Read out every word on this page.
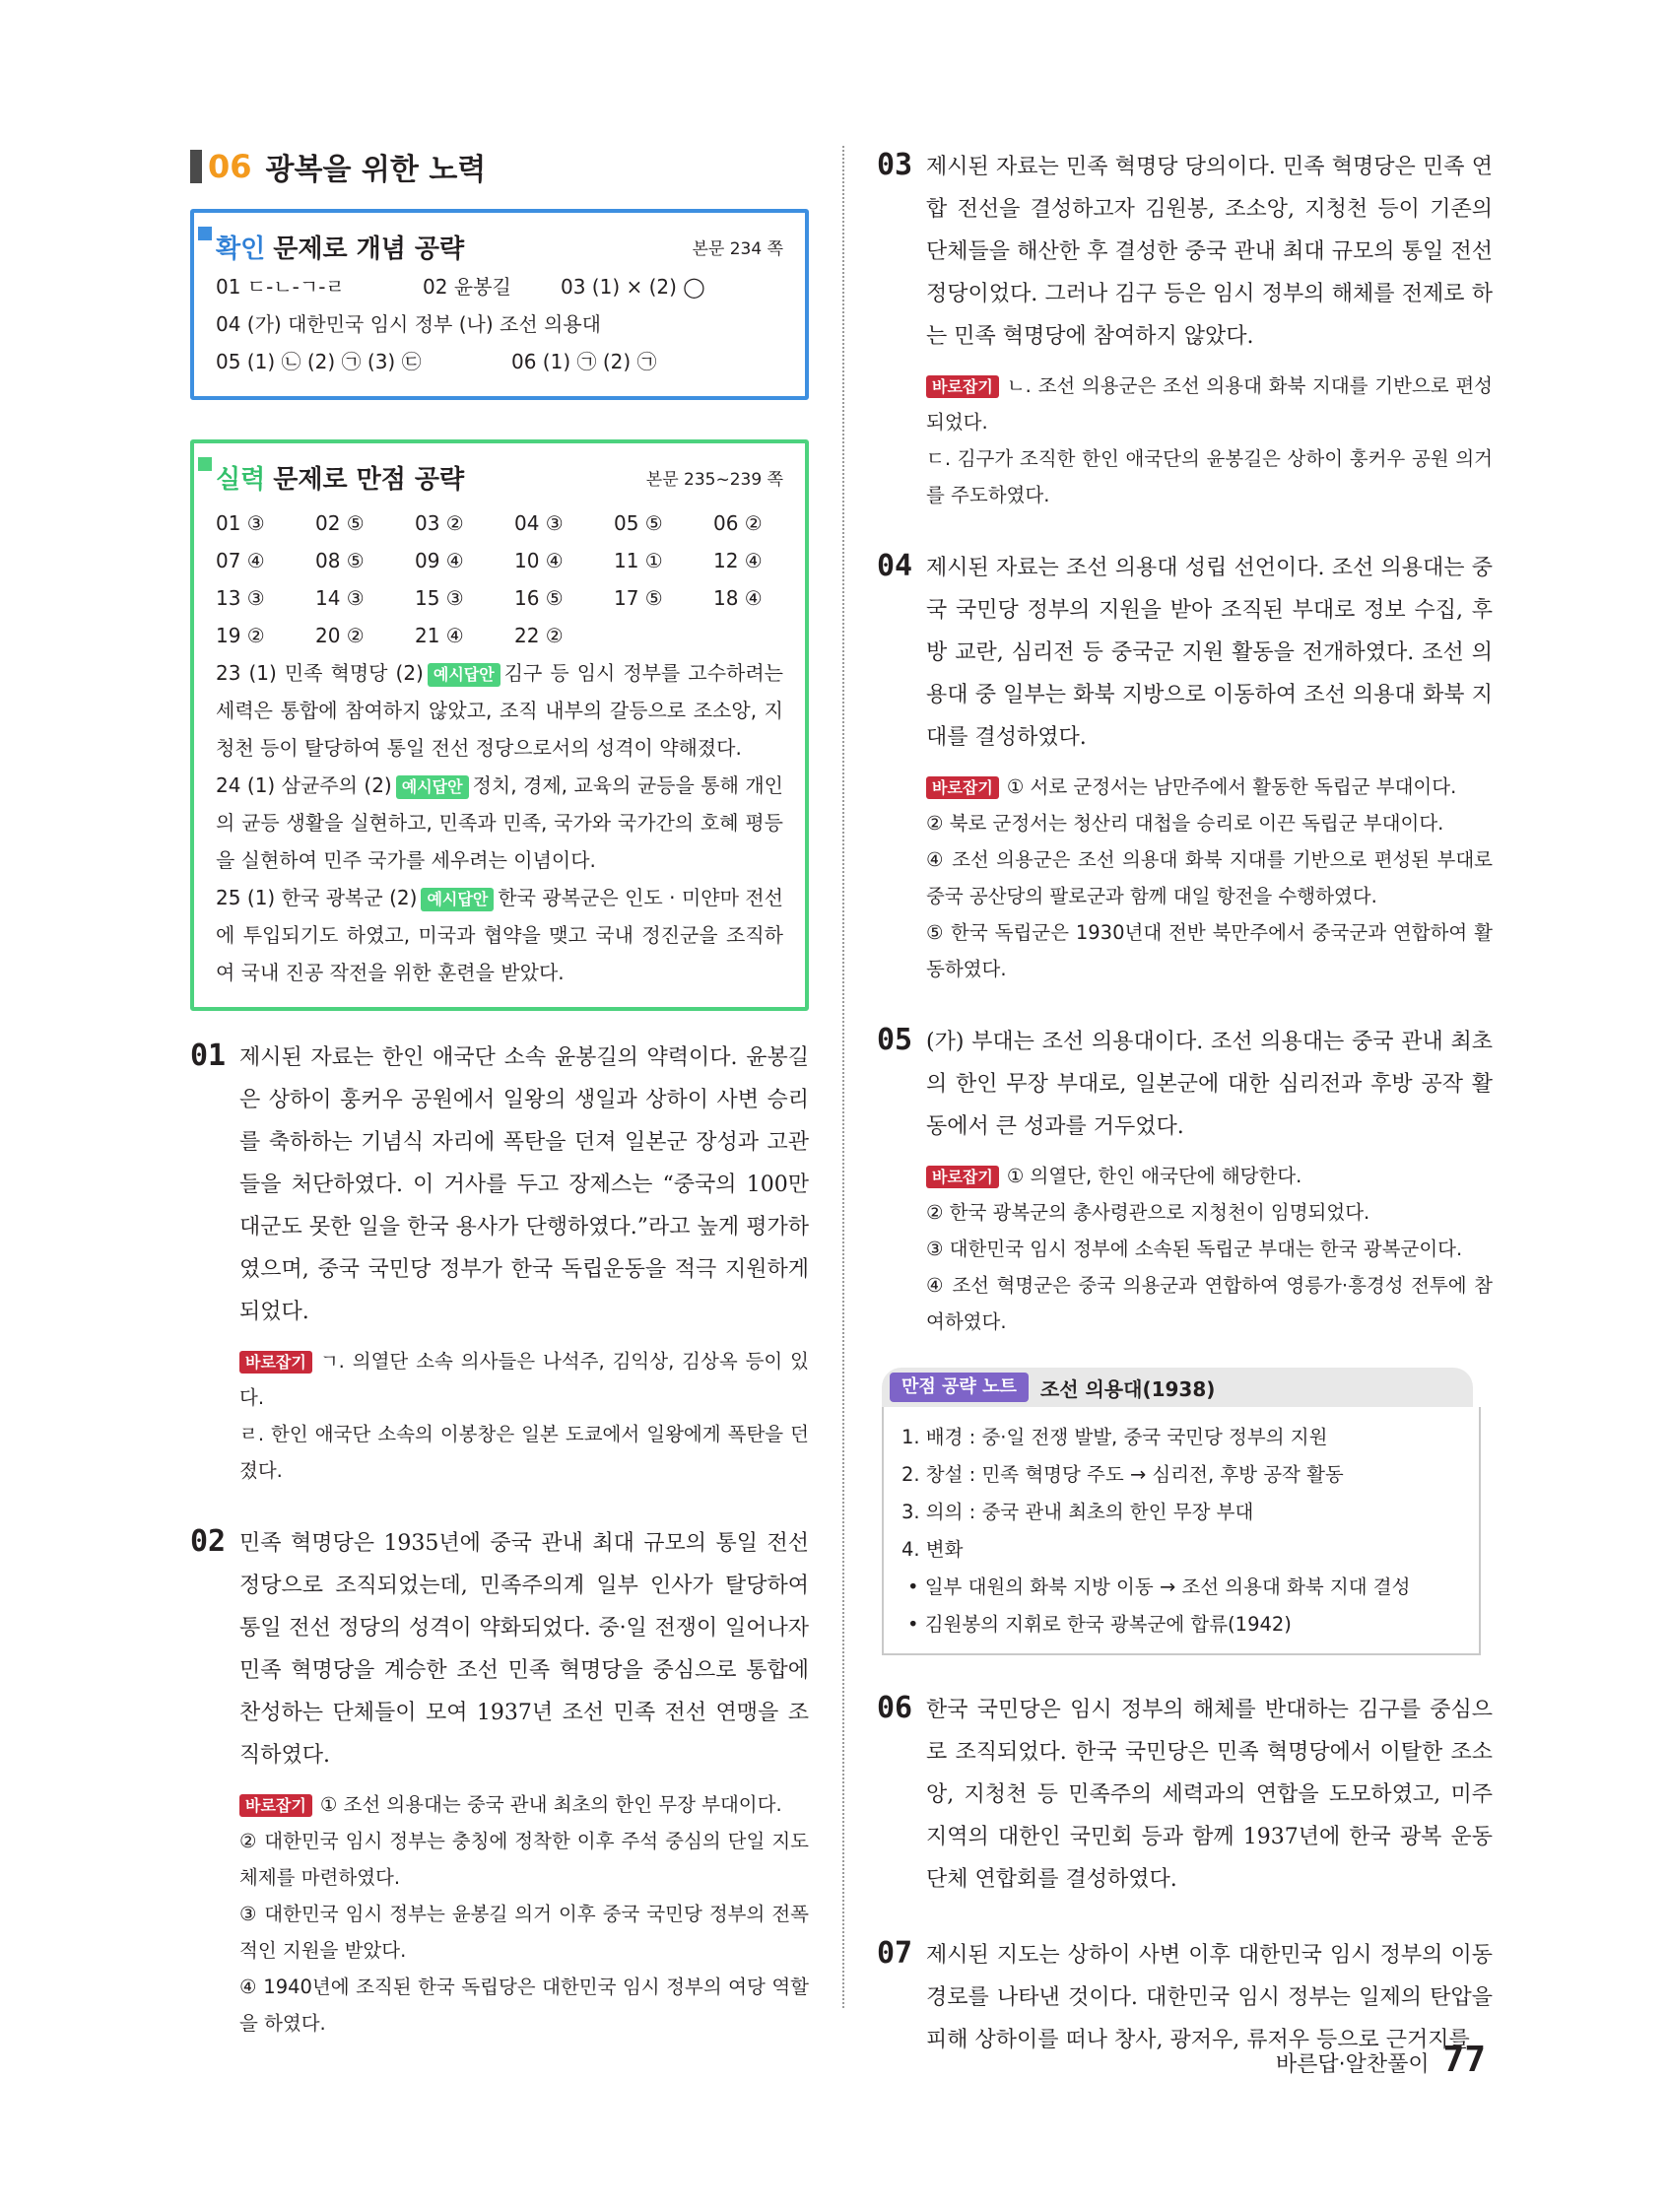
06 광복을 위한 노력
확인 문제로 개념 공략	본문 234 쪽
01 ㄷ-ㄴ-ㄱ-ㄹ	02 윤봉길	03 (1) × (2) ◯
04 (가) 대한민국 임시 정부 (나) 조선 의용대
05 (1) ㉡ (2) ㉠ (3) ㉢	06 (1) ㉠ (2) ㉠
실력 문제로 만점 공략	본문 235~239 쪽
01 ③	02 ⑤	03 ②	04 ③	05 ⑤	06 ②
07 ④	08 ⑤	09 ④	10 ④	11 ①	12 ④
13 ③	14 ③	15 ③	16 ⑤	17 ⑤	18 ④
19 ②	20 ②	21 ④	22 ②
23 (1) 민족 혁명당 (2) 예시답안 김구 등 임시 정부를 고수하려는 세력은 통합에 참여하지 않았고, 조직 내부의 갈등으로 조소앙, 지청천 등이 탈당하여 통일 전선 정당으로서의 성격이 약해졌다.
24 (1) 삼균주의 (2) 예시답안 정치, 경제, 교육의 균등을 통해 개인의 균등 생활을 실현하고, 민족과 민족, 국가와 국가간의 호혜 평등을 실현하여 민주 국가를 세우려는 이념이다.
25 (1) 한국 광복군 (2) 예시답안 한국 광복군은 인도 · 미얀마 전선에 투입되기도 하였고, 미국과 협약을 맺고 국내 정진군을 조직하여 국내 진공 작전을 위한 훈련을 받았다.
01 제시된 자료는 한인 애국단 소속 윤봉길의 약력이다. 윤봉길은 상하이 훙커우 공원에서 일왕의 생일과 상하이 사변 승리를 축하하는 기념식 자리에 폭탄을 던져 일본군 장성과 고관들을 처단하였다. 이 거사를 두고 장제스는 “중국의 100만 대군도 못한 일을 한국 용사가 단행하였다.”라고 높게 평가하였으며, 중국 국민당 정부가 한국 독립운동을 적극 지원하게 되었다.

바로잡기 ㄱ. 의열단 소속 의사들은 나석주, 김익상, 김상옥 등이 있다.

ㄹ. 한인 애국단 소속의 이봉창은 일본 도쿄에서 일왕에게 폭탄을 던졌다.

02 민족 혁명당은 1935년에 중국 관내 최대 규모의 통일 전선 정당으로 조직되었는데, 민족주의계 일부 인사가 탈당하여 통일 전선 정당의 성격이 약화되었다. 중·일 전쟁이 일어나자 민족 혁명당을 계승한 조선 민족 혁명당을 중심으로 통합에 찬성하는 단체들이 모여 1937년 조선 민족 전선 연맹을 조직하였다.

바로잡기 ① 조선 의용대는 중국 관내 최초의 한인 무장 부대이다.

② 대한민국 임시 정부는 충칭에 정착한 이후 주석 중심의 단일 지도 체제를 마련하였다.

③ 대한민국 임시 정부는 윤봉길 의거 이후 중국 국민당 정부의 전폭적인 지원을 받았다.

④ 1940년에 조직된 한국 독립당은 대한민국 임시 정부의 여당 역할을 하였다.

03 제시된 자료는 민족 혁명당 당의이다. 민족 혁명당은 민족 연합 전선을 결성하고자 김원봉, 조소앙, 지청천 등이 기존의 단체들을 해산한 후 결성한 중국 관내 최대 규모의 통일 전선 정당이었다. 그러나 김구 등은 임시 정부의 해체를 전제로 하는 민족 혁명당에 참여하지 않았다.

바로잡기 ㄴ. 조선 의용군은 조선 의용대 화북 지대를 기반으로 편성되었다.

ㄷ. 김구가 조직한 한인 애국단의 윤봉길은 상하이 훙커우 공원 의거를 주도하였다.

04 제시된 자료는 조선 의용대 성립 선언이다. 조선 의용대는 중국 국민당 정부의 지원을 받아 조직된 부대로 정보 수집, 후방 교란, 심리전 등 중국군 지원 활동을 전개하였다. 조선 의용대 중 일부는 화북 지방으로 이동하여 조선 의용대 화북 지대를 결성하였다.

바로잡기 ① 서로 군정서는 남만주에서 활동한 독립군 부대이다.

② 북로 군정서는 청산리 대첩을 승리로 이끈 독립군 부대이다.

④ 조선 의용군은 조선 의용대 화북 지대를 기반으로 편성된 부대로 중국 공산당의 팔로군과 함께 대일 항전을 수행하였다.

⑤ 한국 독립군은 1930년대 전반 북만주에서 중국군과 연합하여 활동하였다.

05 (가) 부대는 조선 의용대이다. 조선 의용대는 중국 관내 최초의 한인 무장 부대로, 일본군에 대한 심리전과 후방 공작 활동에서 큰 성과를 거두었다.

바로잡기 ① 의열단, 한인 애국단에 해당한다.

② 한국 광복군의 총사령관으로 지청천이 임명되었다.

③ 대한민국 임시 정부에 소속된 독립군 부대는 한국 광복군이다.

④ 조선 혁명군은 중국 의용군과 연합하여 영릉가·흥경성 전투에 참여하였다.

만점 공략 노트	조선 의용대(1938)

1. 배경 : 중·일 전쟁 발발, 중국 국민당 정부의 지원

2. 창설 : 민족 혁명당 주도 → 심리전, 후방 공작 활동

3. 의의 : 중국 관내 최초의 한인 무장 부대

4. 변화

• 일부 대원의 화북 지방 이동 → 조선 의용대 화북 지대 결성

• 김원봉의 지휘로 한국 광복군에 합류(1942)

06 한국 국민당은 임시 정부의 해체를 반대하는 김구를 중심으로 조직되었다. 한국 국민당은 민족 혁명당에서 이탈한 조소앙, 지청천 등 민족주의 세력과의 연합을 도모하였고, 미주 지역의 대한인 국민회 등과 함께 1937년에 한국 광복 운동 단체 연합회를 결성하였다.
07 제시된 지도는 상하이 사변 이후 대한민국 임시 정부의 이동 경로를 나타낸 것이다. 대한민국 임시 정부는 일제의 탄압을 피해 상하이를 떠나 창사, 광저우, 류저우 등으로 근거지를
바른답·알찬풀이 77
